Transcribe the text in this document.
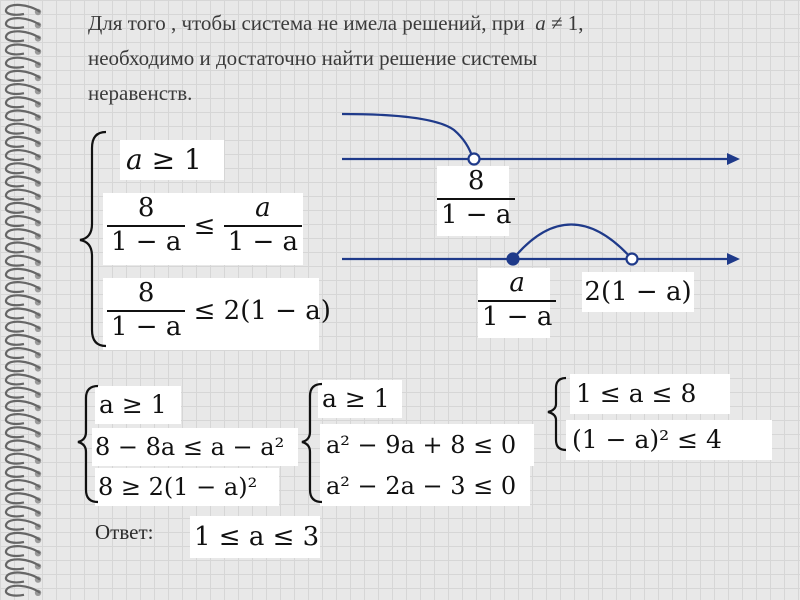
Для того , чтобы система не имела решений, при a ≠ 1,

необходимо и достаточно найти решение системы

неравенств.

a ≥ 1
$\frac{8}{1 - a} \le \frac{a}{1 - a}$
$\frac{8}{1 - a} \le 2(1 - a)$
$\frac{8}{1 - a}$
$\frac{a}{1 - a} 2(1 - a)$
a ≥ 1
8 − 8a ≤ a − a²
8 ≥ 2(1 − a)²
a ≥ 1
a² − 9a + 8 ≤ 0
a² − 2a − 3 ≤ 0
1 ≤ a ≤ 8
(1 − a)² ≤ 4
Ответ: 1 ≤ a ≤ 3
